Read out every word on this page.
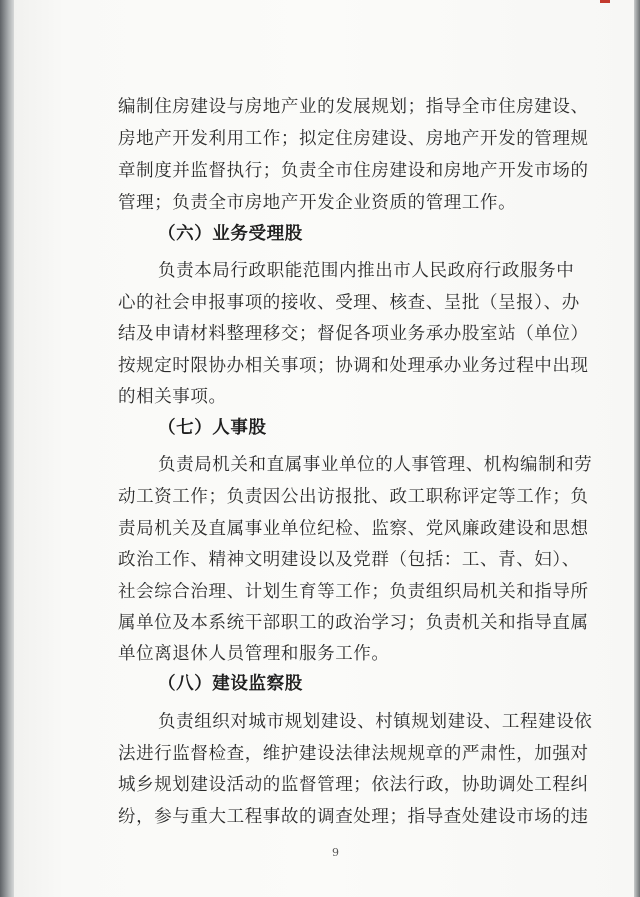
编制住房建设与房地产业的发展规划；指导全市住房建设、
房地产开发利用工作；拟定住房建设、房地产开发的管理规
章制度并监督执行；负责全市住房建设和房地产开发市场的
管理；负责全市房地产开发企业资质的管理工作。
（六）业务受理股
负责本局行政职能范围内推出市人民政府行政服务中
心的社会申报事项的接收、受理、核查、呈批（呈报）、办
结及申请材料整理移交；督促各项业务承办股室站（单位）
按规定时限协办相关事项；协调和处理承办业务过程中出现
的相关事项。
（七）人事股
负责局机关和直属事业单位的人事管理、机构编制和劳
动工资工作；负责因公出访报批、政工职称评定等工作；负
责局机关及直属事业单位纪检、监察、党风廉政建设和思想
政治工作、精神文明建设以及党群（包括：工、青、妇）、
社会综合治理、计划生育等工作；负责组织局机关和指导所
属单位及本系统干部职工的政治学习；负责机关和指导直属
单位离退休人员管理和服务工作。
（八）建设监察股
负责组织对城市规划建设、村镇规划建设、工程建设依
法进行监督检查，维护建设法律法规规章的严肃性，加强对
城乡规划建设活动的监督管理；依法行政，协助调处工程纠
纷，参与重大工程事故的调查处理；指导查处建设市场的违
9
